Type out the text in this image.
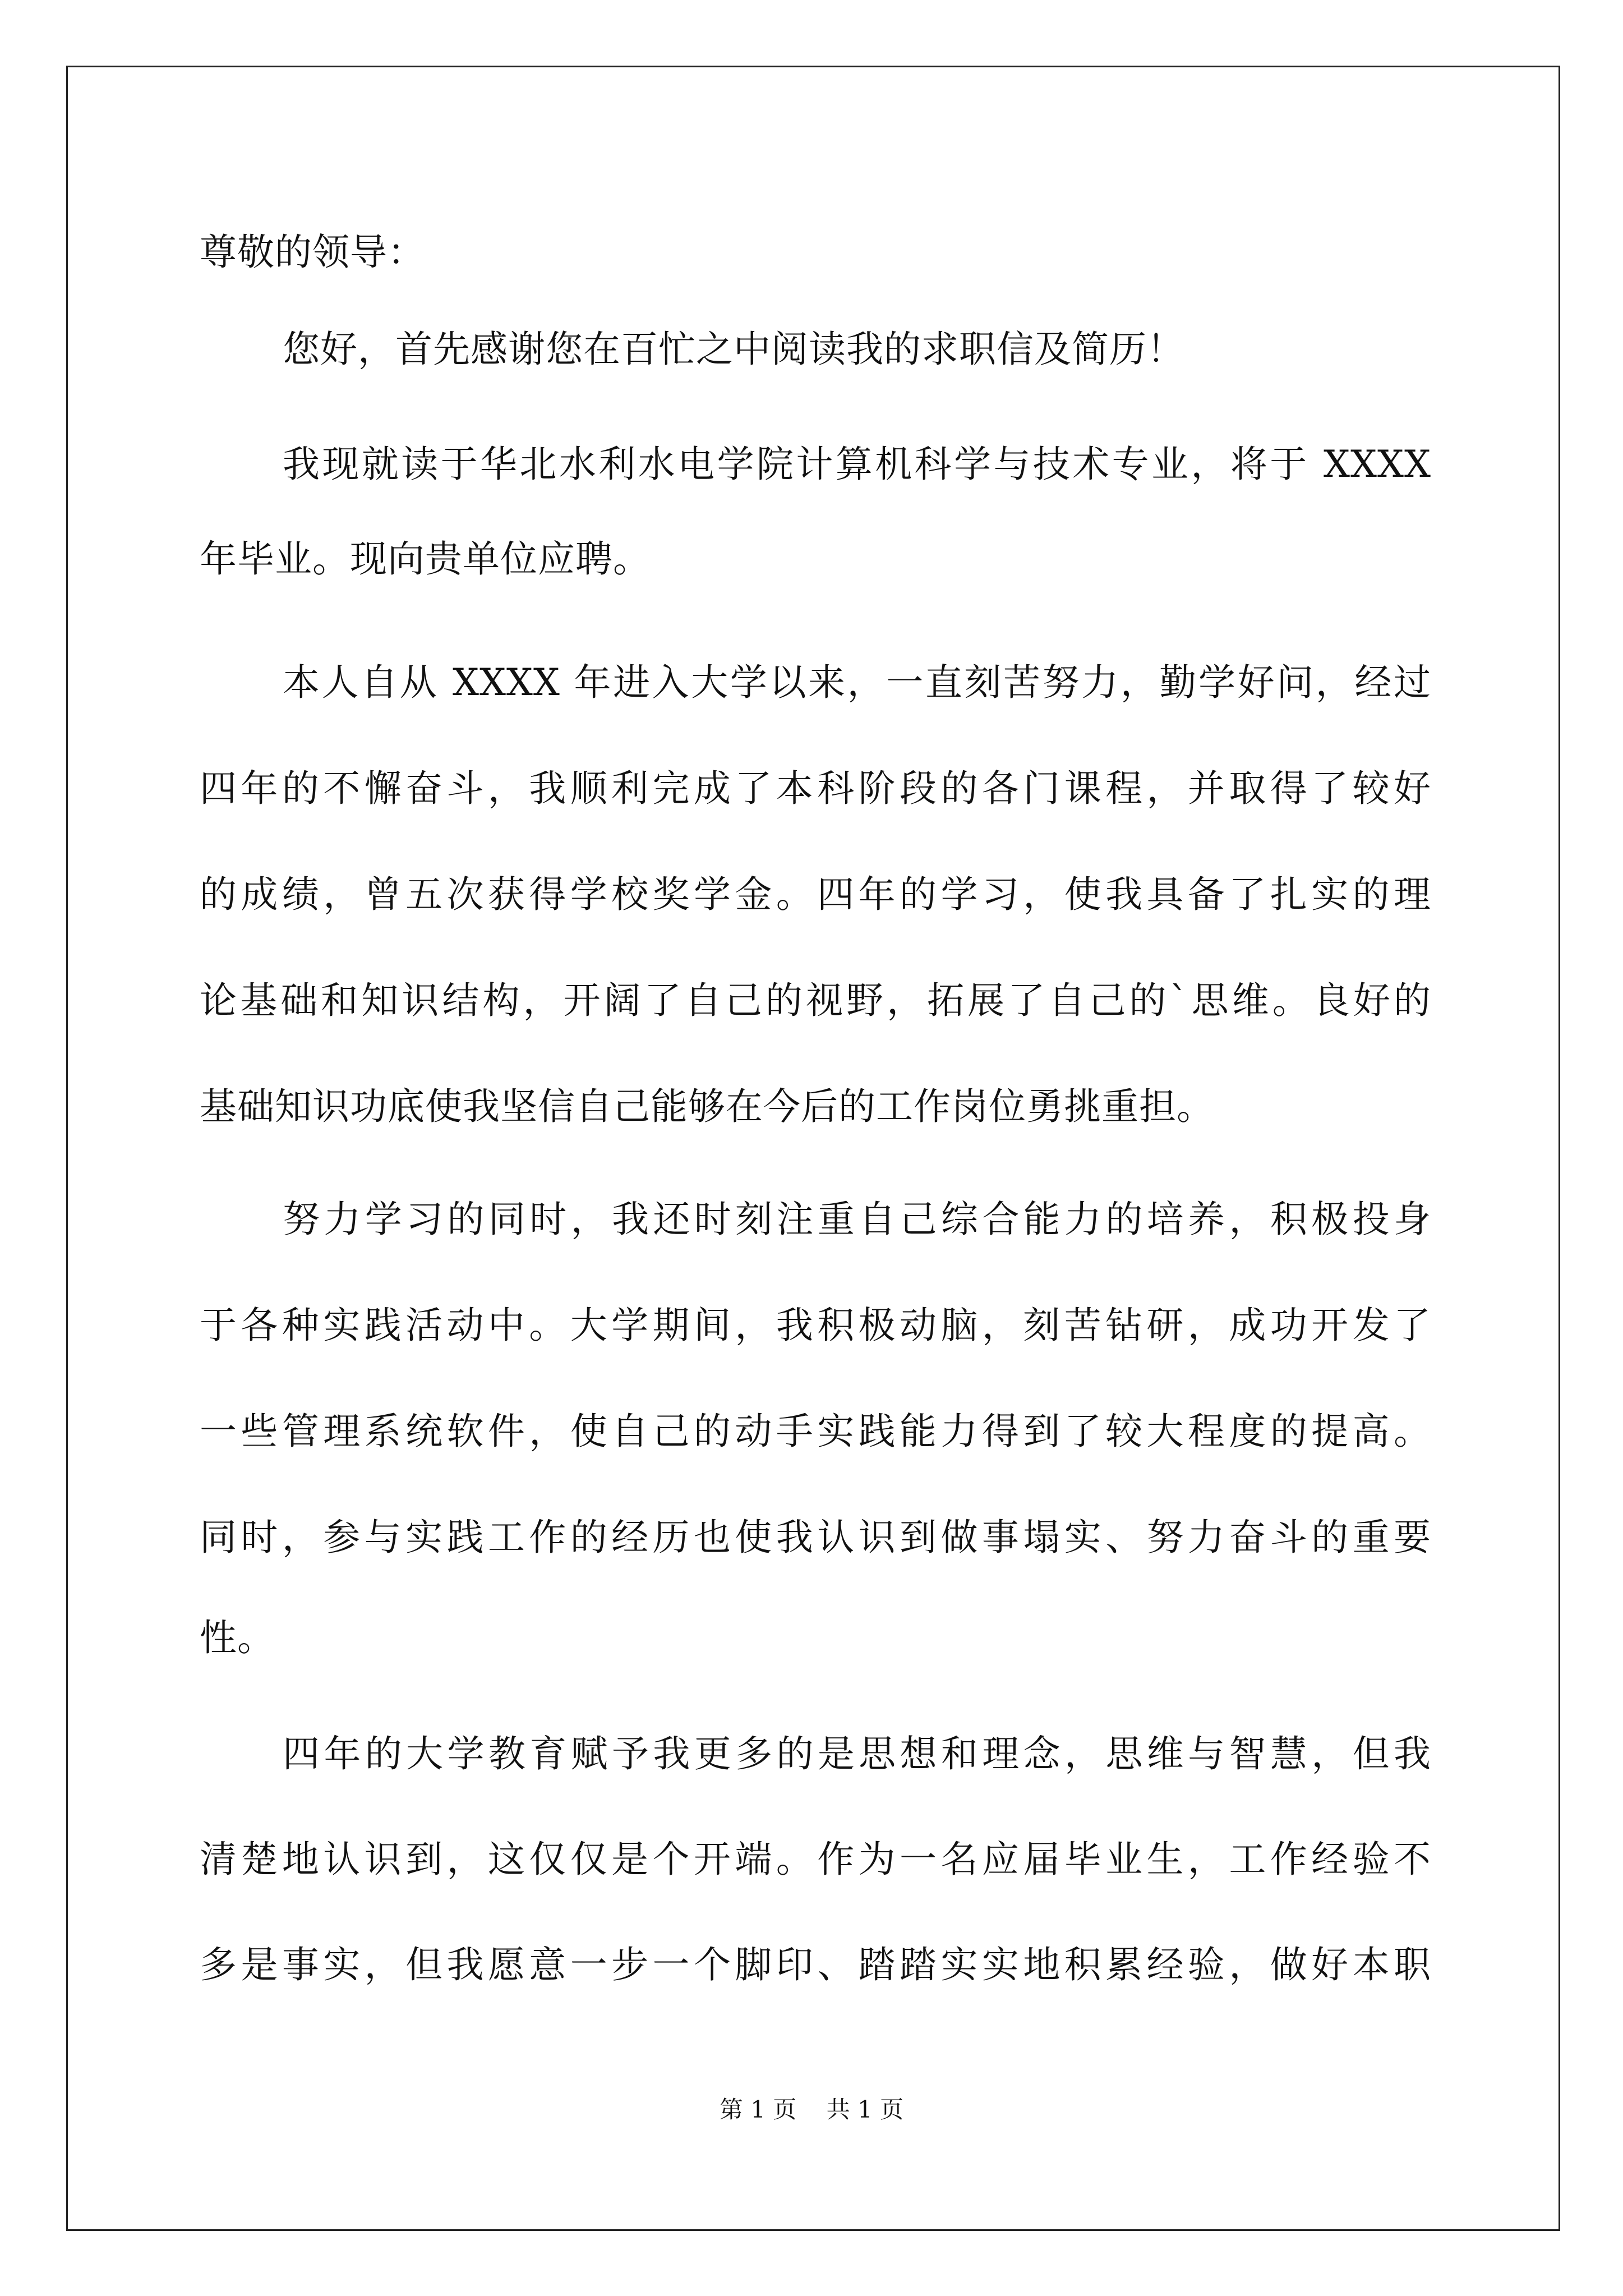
尊敬的领导：
您好，首先感谢您在百忙之中阅读我的求职信及简历！
我现就读于华北水利水电学院计算机科学与技术专业，将于 XXXX
年毕业。现向贵单位应聘。
本人自从 XXXX 年进入大学以来，一直刻苦努力，勤学好问，经过
四年的不懈奋斗，我顺利完成了本科阶段的各门课程，并取得了较好
的成绩，曾五次获得学校奖学金。四年的学习，使我具备了扎实的理
论基础和知识结构，开阔了自己的视野，拓展了自己的`思维。良好的
基础知识功底使我坚信自己能够在今后的工作岗位勇挑重担。
努力学习的同时，我还时刻注重自己综合能力的培养，积极投身
于各种实践活动中。大学期间，我积极动脑，刻苦钻研，成功开发了
一些管理系统软件，使自己的动手实践能力得到了较大程度的提高。
同时，参与实践工作的经历也使我认识到做事塌实、努力奋斗的重要
性。
四年的大学教育赋予我更多的是思想和理念，思维与智慧，但我
清楚地认识到，这仅仅是个开端。作为一名应届毕业生，工作经验不
多是事实，但我愿意一步一个脚印、踏踏实实地积累经验，做好本职
第 1 页    共 1 页
